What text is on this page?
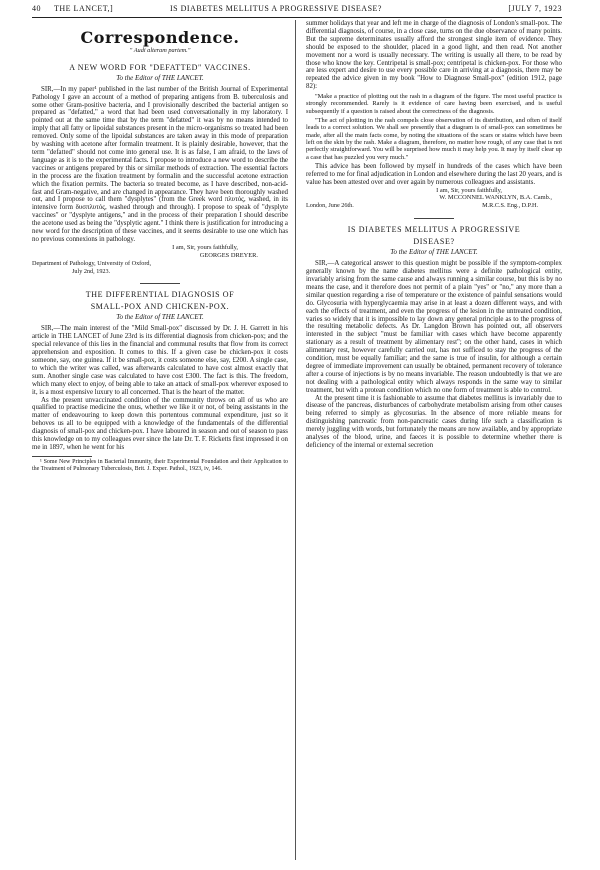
40 THE LANCET,]	IS DIABETES MELLITUS A PROGRESSIVE DISEASE?	[JULY 7, 1923
Correspondence.
" Audi alteram partem."
A NEW WORD FOR "DEFATTED" VACCINES.
To the Editor of THE LANCET.

SIR,—In my paper¹ published in the last number of the British Journal of Experimental Pathology I gave an account of a method of preparing antigens from B. tuberculosis and some other Gram-positive bacteria, and I provisionally described the bacterial antigen so prepared as "defatted," a word that had been used conversationally in my laboratory. I pointed out at the same time that by the term "defatted" it was by no means intended to imply that all fatty or lipoidal substances present in the micro-organisms so treated had been removed. Only some of the lipoidal substances are taken away in this mode of preparation by washing with acetone after formalin treatment. It is plainly desirable, however, that the term "defatted" should not come into general use. It is as false, I am afraid, to the laws of language as it is to the experimental facts. I propose to introduce a new word to describe the vaccines or antigens prepared by this or similar methods of extraction. The essential factors in the process are the fixation treatment by formalin and the successful acetone extraction which the fixation permits. The bacteria so treated become, as I have described, non-acid-fast and Gram-negative, and are changed in appearance. They have been thoroughly washed out, and I propose to call them "dysplytes" (from the Greek word πλυτός, washed, in its intensive form δυσπλυτός, washed through and through). I propose to speak of "dysplyte vaccines" or "dysplyte antigens," and in the process of their preparation I should describe the acetone used as being the "dysplytic agent." I think there is justification for introducing a new word for the description of these vaccines, and it seems desirable to use one which has no previous connexions in pathology.

I am, Sir, yours faithfully,
GEORGES DREYER.

Department of Pathology, University of Oxford,

July 2nd, 1923.

THE DIFFERENTIAL DIAGNOSIS OF
SMALL-POX AND CHICKEN-POX.
To the Editor of THE LANCET.

SIR,—The main interest of the "Mild Small-pox" discussed by Dr. J. H. Garrett in his article in THE LANCET of June 23rd is its differential diagnosis from chicken-pox; and the special relevance of this lies in the financial and communal results that flow from its correct apprehension and exposition. It comes to this. If a given case be chicken-pox it costs someone, say, one guinea. If it be small-pox, it costs someone else, say, £200. A single case, to which the writer was called, was afterwards calculated to have cost almost exactly that sum. Another single case was calculated to have cost £300. The fact is this. The freedom, which many elect to enjoy, of being able to take an attack of small-pox wherever exposed to it, is a most expensive luxury to all concerned. That is the heart of the matter.

As the present unvaccinated condition of the community throws on all of us who are qualified to practise medicine the onus, whether we like it or not, of being assistants in the matter of endeavouring to keep down this portentous communal expenditure, just so it behoves us all to be equipped with a knowledge of the fundamentals of the differential diagnosis of small-pox and chicken-pox. I have laboured in season and out of season to pass this knowledge on to my colleagues ever since the late Dr. T. F. Ricketts first impressed it on me in 1897, when he went for his

¹ Some New Principles in Bacterial Immunity, their Experimental Foundation and their Application to the Treatment of Pulmonary Tuberculosis, Brit. J. Exper. Pathol., 1923, iv, 146.

summer holidays that year and left me in charge of the diagnosis of London's small-pox. The differential diagnosis, of course, in a close case, turns on the due observance of many points. But the supreme determinates usually afford the strongest single item of evidence. They should be exposed to the shoulder, placed in a good light, and then read. Not another movement nor a word is usually necessary. The writing is usually all there, to be read by those who know the key. Centripetal is small-pox; centripetal is chicken-pox. For those who are less expert and desire to use every possible care in arriving at a diagnosis, there may be repeated the advice given in my book "How to Diagnose Small-pox" (edition 1912, page 82):

"Make a practice of plotting out the rash in a diagram of the figure. The most useful practice is strongly recommended. Rarely is it evidence of care having been exercised, and is useful subsequently if a question is raised about the correctness of the diagnosis.

"The act of plotting in the rash compels close observation of its distribution, and often of itself leads to a correct solution. We shall see presently that a diagram is of small-pox can sometimes be made, after all the main facts come, by noting the situations of the scars or stains which have been left on the skin by the rash. Make a diagram, therefore, no matter how rough, of any case that is not perfectly straightforward. You will be surprised how much it may help you. It may by itself clear up a case that has puzzled you very much."

This advice has been followed by myself in hundreds of the cases which have been referred to me for final adjudication in London and elsewhere during the last 20 years, and is value has been attested over and over again by numerous colleagues and assistants.

I am, Sir, yours faithfully,
W. MCCONNEL WANKLYN, B.A. Camb.,
London, June 26th.	M.R.C.S. Eng., D.P.H.
IS DIABETES MELLITUS A PROGRESSIVE
DISEASE?
To the Editor of THE LANCET.

SIR,—A categorical answer to this question might be possible if the symptom-complex generally known by the name diabetes mellitus were a definite pathological entity, invariably arising from the same cause and always running a similar course, but this is by no means the case, and it therefore does not permit of a plain "yes" or "no," any more than a similar question regarding a rise of temperature or the existence of painful sensations would do. Glycosuria with hyperglycaemia may arise in at least a dozen different ways, and with each the effects of treatment, and even the progress of the lesion in the untreated condition, varies so widely that it is impossible to lay down any general principle as to the progress of the resulting metabolic defects. As Dr. Langdon Brown has pointed out, all observers interested in the subject "must be familiar with cases which have become apparently stationary as a result of treatment by alimentary rest"; on the other hand, cases in which alimentary rest, however carefully carried out, has not sufficed to stay the progress of the condition, must be equally familiar; and the same is true of insulin, for although a certain degree of immediate improvement can usually be obtained, permanent recovery of tolerance after a course of injections is by no means invariable. The reason undoubtedly is that we are not dealing with a pathological entity which always responds in the same way to similar treatment, but with a protean condition which no one form of treatment is able to control.

At the present time it is fashionable to assume that diabetes mellitus is invariably due to disease of the pancreas, disturbances of carbohydrate metabolism arising from other causes being referred to simply as glycosurias. In the absence of more reliable means for distinguishing pancreatic from non-pancreatic cases during life such a classification is merely juggling with words, but fortunately the means are now available, and by appropriate analyses of the blood, urine, and faeces it is possible to determine whether there is deficiency of the internal or external secretion
